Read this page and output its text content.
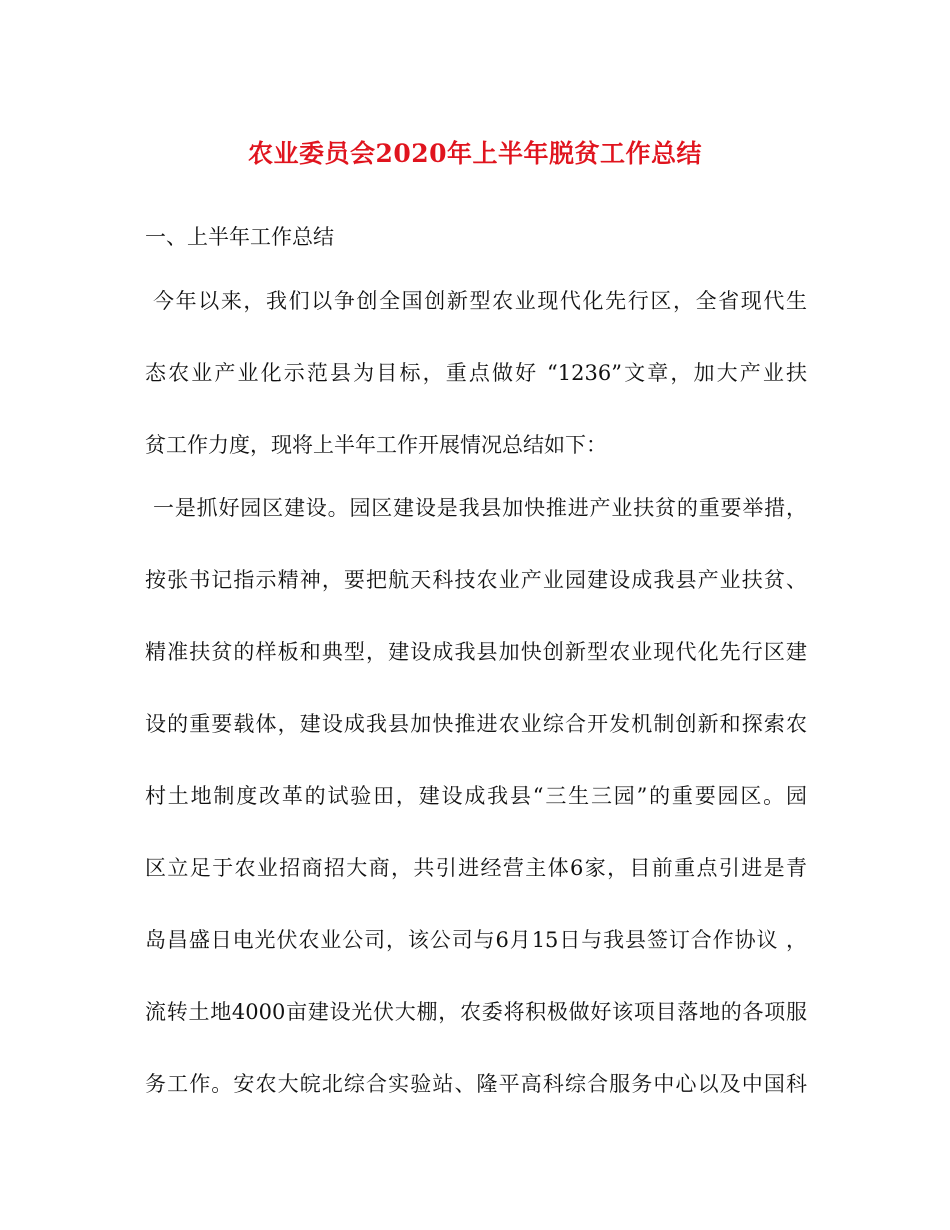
农业委员会2020年上半年脱贫工作总结
一、上半年工作总结
今年以来，我们以争创全国创新型农业现代化先行区，全省现代生
态农业产业化示范县为目标，重点做好 “1236”文章，加大产业扶
贫工作力度，现将上半年工作开展情况总结如下：
一是抓好园区建设。园区建设是我县加快推进产业扶贫的重要举措，
按张书记指示精神，要把航天科技农业产业园建设成我县产业扶贫、
精准扶贫的样板和典型，建设成我县加快创新型农业现代化先行区建
设的重要载体，建设成我县加快推进农业综合开发机制创新和探索农
村土地制度改革的试验田，建设成我县“三生三园”的重要园区。园
区立足于农业招商招大商，共引进经营主体6家，目前重点引进是青
岛昌盛日电光伏农业公司，该公司与6月15日与我县签订合作协议 ，
流转土地4000亩建设光伏大棚，农委将积极做好该项目落地的各项服
务工作。安农大皖北综合实验站、隆平高科综合服务中心以及中国科
